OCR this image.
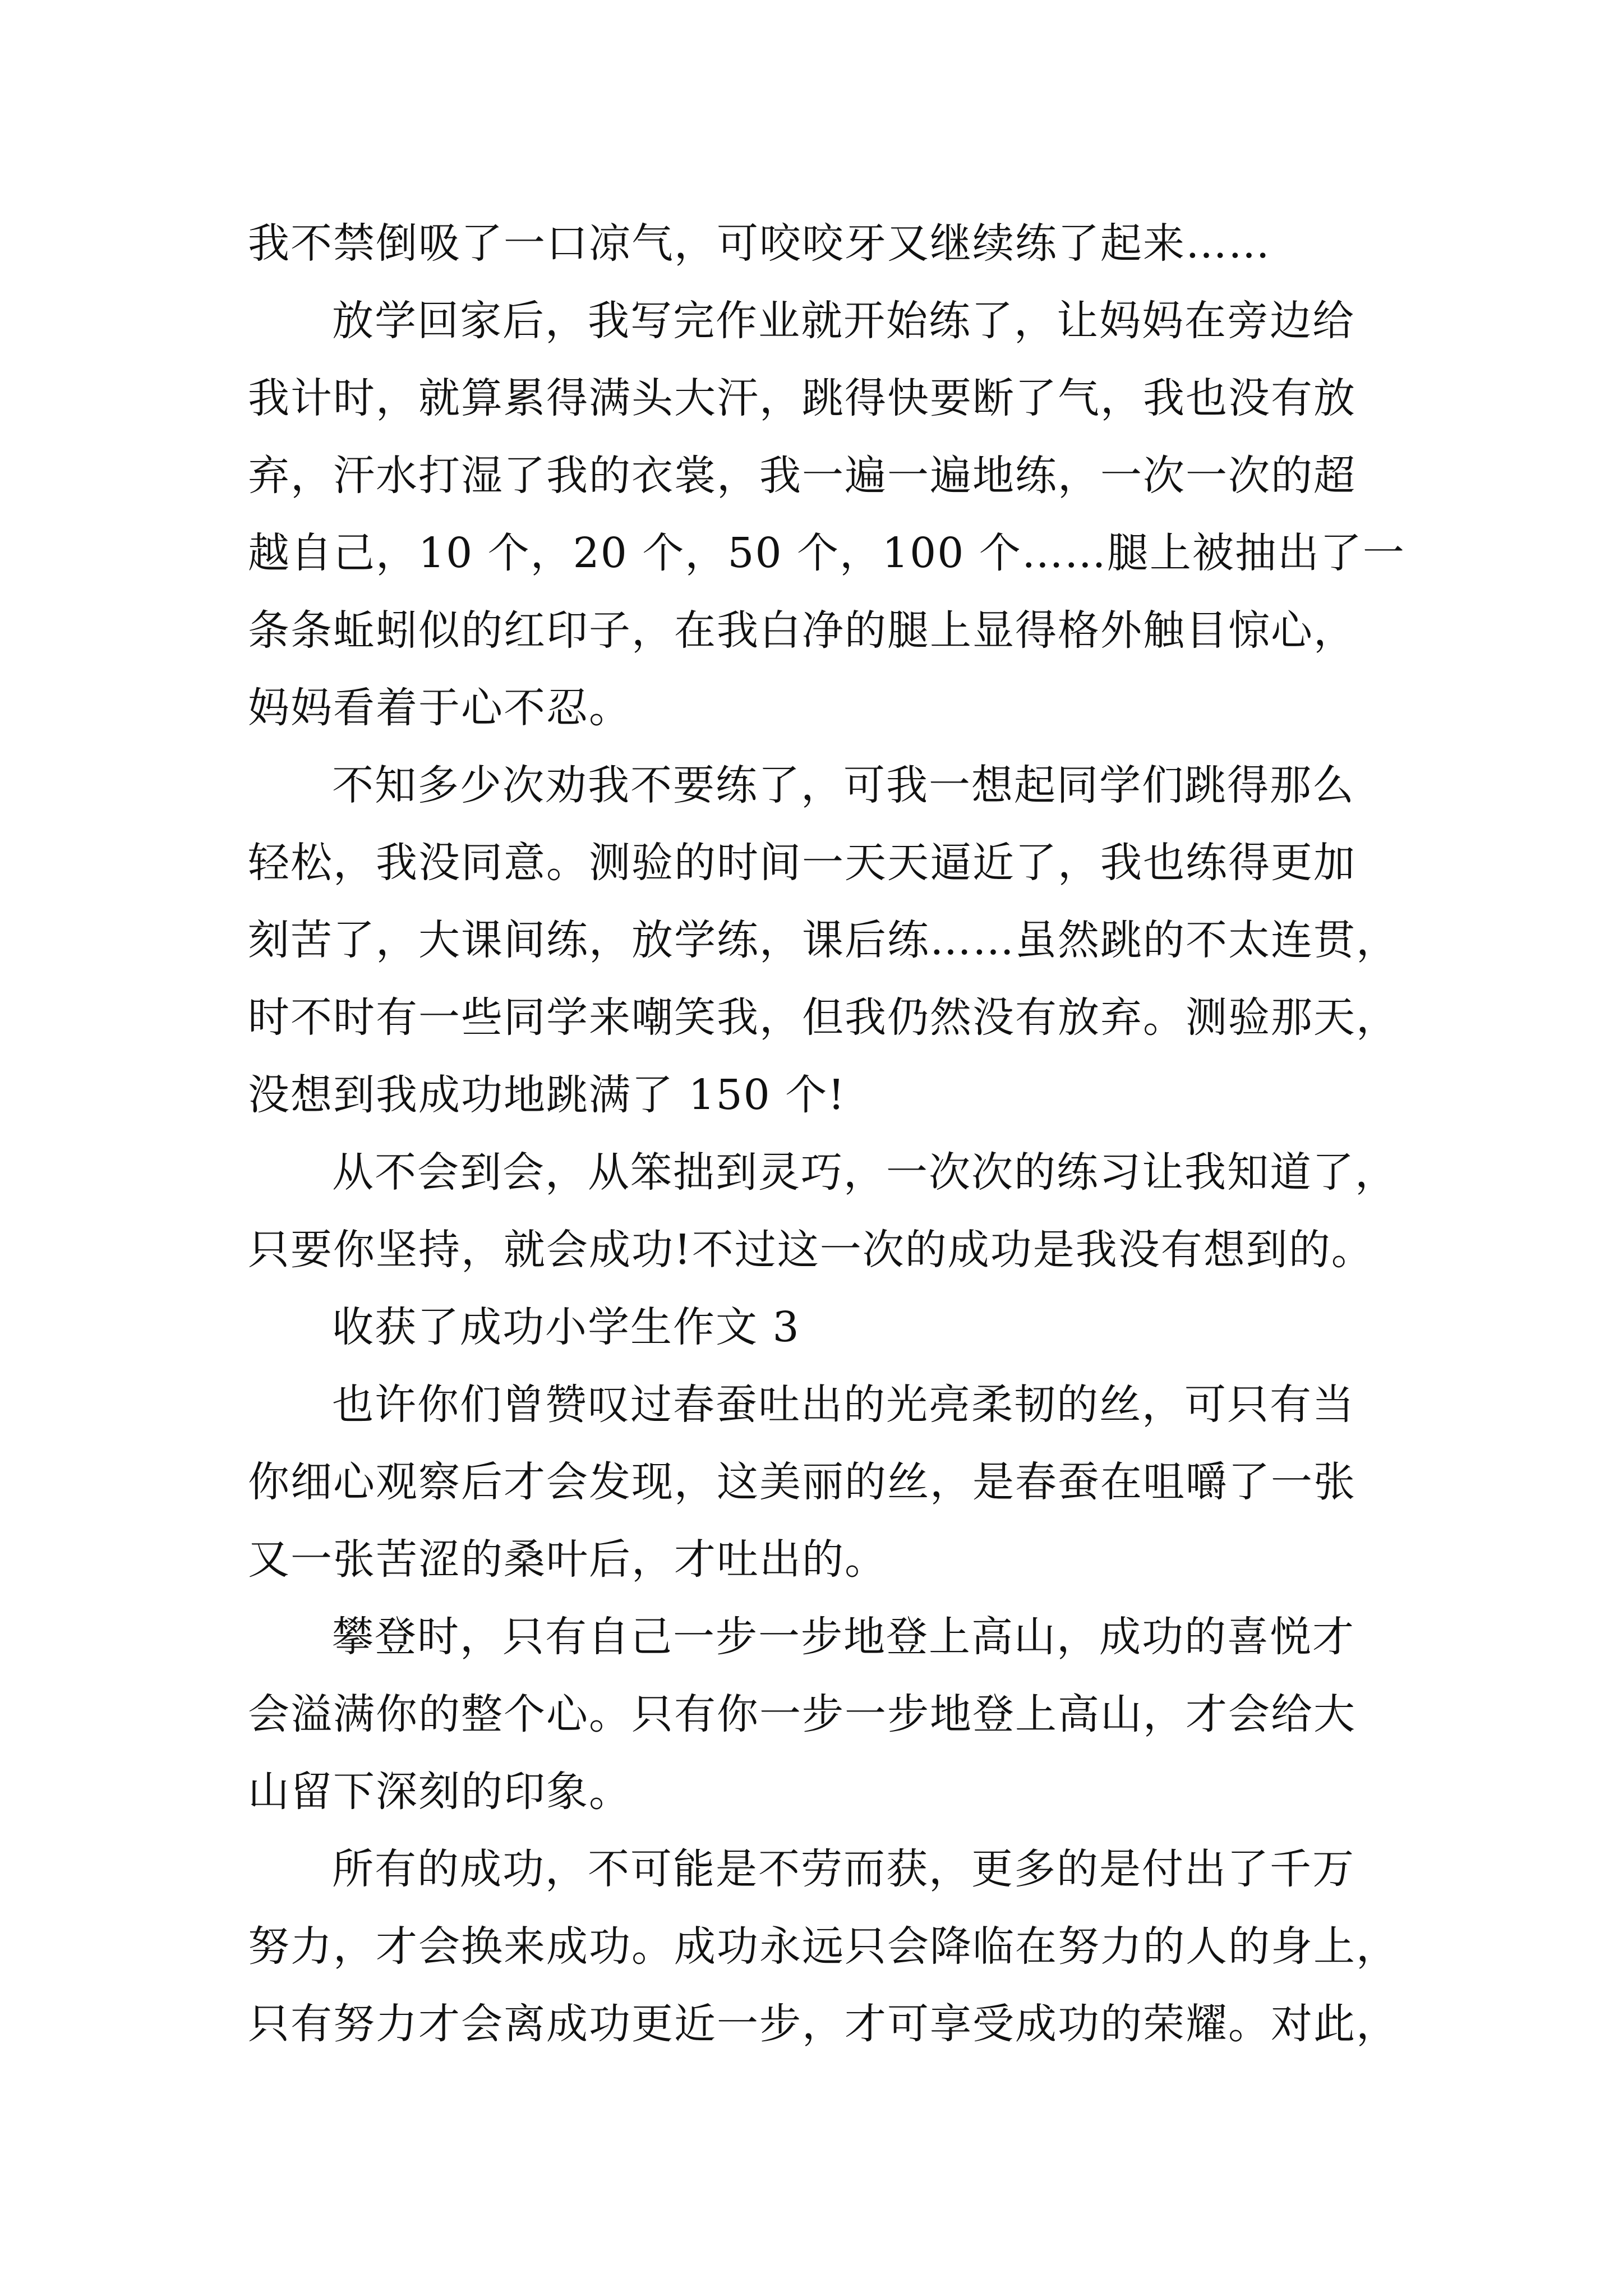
我不禁倒吸了一口凉气，可咬咬牙又继续练了起来……
放学回家后，我写完作业就开始练了，让妈妈在旁边给
我计时，就算累得满头大汗，跳得快要断了气，我也没有放
弃，汗水打湿了我的衣裳，我一遍一遍地练，一次一次的超
越自己，10 个，20 个，50 个，100 个……腿上被抽出了一
条条蚯蚓似的红印子，在我白净的腿上显得格外触目惊心，
妈妈看着于心不忍。
不知多少次劝我不要练了，可我一想起同学们跳得那么
轻松，我没同意。测验的时间一天天逼近了，我也练得更加
刻苦了，大课间练，放学练，课后练……虽然跳的不太连贯，
时不时有一些同学来嘲笑我，但我仍然没有放弃。测验那天，
没想到我成功地跳满了 150 个!
从不会到会，从笨拙到灵巧，一次次的练习让我知道了，
只要你坚持，就会成功!不过这一次的成功是我没有想到的。
收获了成功小学生作文 3
也许你们曾赞叹过春蚕吐出的光亮柔韧的丝，可只有当
你细心观察后才会发现，这美丽的丝，是春蚕在咀嚼了一张
又一张苦涩的桑叶后，才吐出的。
攀登时，只有自己一步一步地登上高山，成功的喜悦才
会溢满你的整个心。只有你一步一步地登上高山，才会给大
山留下深刻的印象。
所有的成功，不可能是不劳而获，更多的是付出了千万
努力，才会换来成功。成功永远只会降临在努力的人的身上，
只有努力才会离成功更近一步，才可享受成功的荣耀。对此，
